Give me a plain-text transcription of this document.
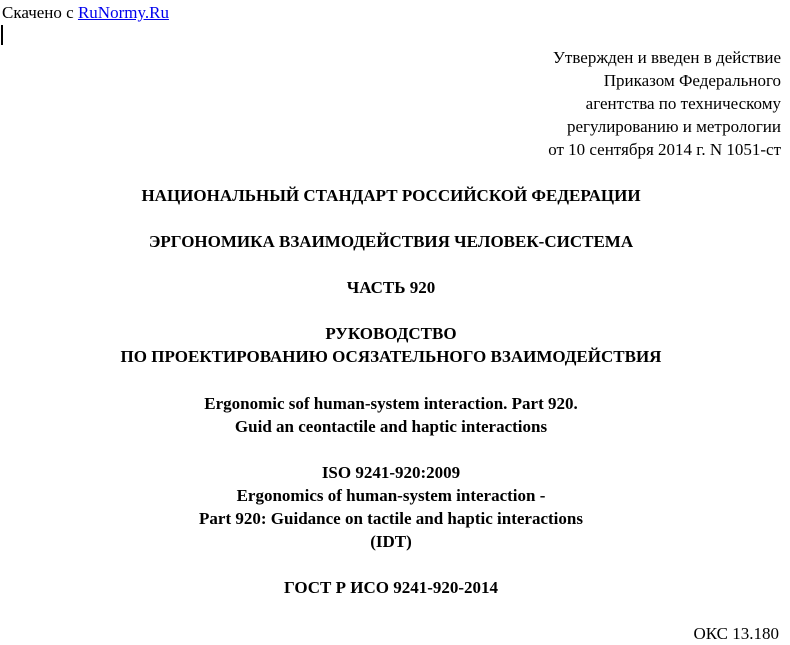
Скачено с RuNormy.Ru
Утвержден и введен в действие
Приказом Федерального
агентства по техническому
регулированию и метрологии
от 10 сентября 2014 г. N 1051-ст
НАЦИОНАЛЬНЫЙ СТАНДАРТ РОССИЙСКОЙ ФЕДЕРАЦИИ
ЭРГОНОМИКА ВЗАИМОДЕЙСТВИЯ ЧЕЛОВЕК-СИСТЕМА
ЧАСТЬ 920
РУКОВОДСТВО
ПО ПРОЕКТИРОВАНИЮ ОСЯЗАТЕЛЬНОГО ВЗАИМОДЕЙСТВИЯ
Ergonomic sof human-system interaction. Part 920.
Guid an ceontactile and haptic interactions
ISO 9241-920:2009
Ergonomics of human-system interaction -
Part 920: Guidance on tactile and haptic interactions
(IDT)
ГОСТ Р ИСО 9241-920-2014
ОКС 13.180
